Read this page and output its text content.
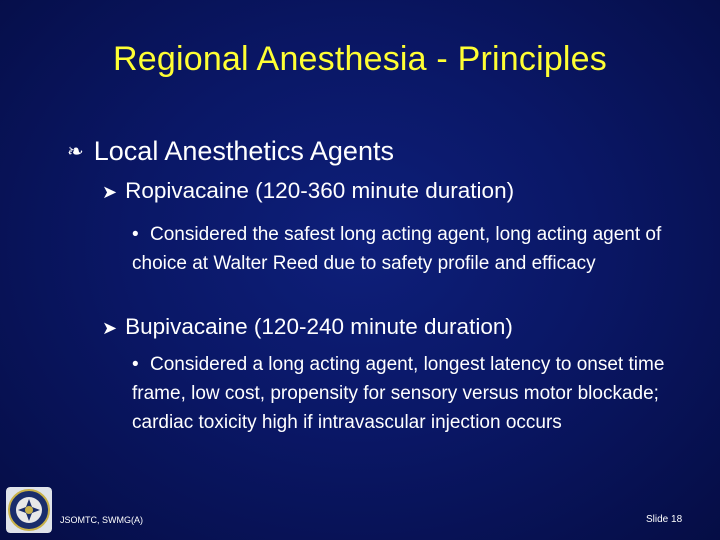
Regional Anesthesia - Principles
❧ Local Anesthetics Agents
➤ Ropivacaine (120-360 minute duration)
• Considered the safest long acting agent, long acting agent of choice at Walter Reed due to safety profile and efficacy
➤ Bupivacaine (120-240 minute duration)
• Considered a long acting agent, longest latency to onset time frame, low cost, propensity for sensory versus motor blockade; cardiac toxicity high if intravascular injection occurs
JSOMTC, SWMG(A)	Slide 18
